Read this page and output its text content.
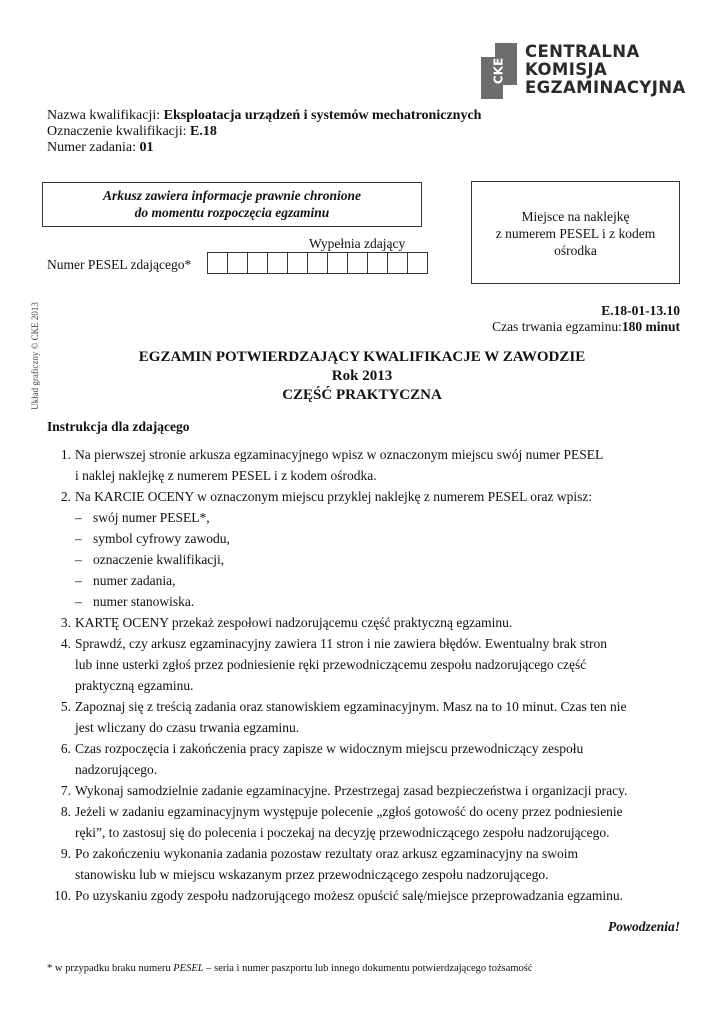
CKE
CENTRALNA
KOMISJA
EGZAMINACYJNA
Nazwa kwalifikacji: Eksploatacja urządzeń i systemów mechatronicznych
Oznaczenie kwalifikacji: E.18
Numer zadania: 01
Arkusz zawiera informacje prawnie chronione
do momentu rozpoczęcia egzaminu	Miejsce na naklejkę
z numerem PESEL i z kodem
ośrodka
Wypełnia zdający
Numer PESEL zdającego*
Układ graficzny © CKE 2013	E.18-01-13.10
Czas trwania egzaminu:180 minut
EGZAMIN POTWIERDZAJĄCY KWALIFIKACJE W ZAWODZIE
Rok 2013
CZĘŚĆ PRAKTYCZNA
Instrukcja dla zdającego
1. Na pierwszej stronie arkusza egzaminacyjnego wpisz w oznaczonym miejscu swój numer PESEL
i naklej naklejkę z numerem PESEL i z kodem ośrodka.
2. Na KARCIE OCENY w oznaczonym miejscu przyklej naklejkę z numerem PESEL oraz wpisz:
– swój numer PESEL*,
– symbol cyfrowy zawodu,
– oznaczenie kwalifikacji,
– numer zadania,
– numer stanowiska.
3. KARTĘ OCENY przekaż zespołowi nadzorującemu część praktyczną egzaminu.
4. Sprawdź, czy arkusz egzaminacyjny zawiera 11 stron i nie zawiera błędów. Ewentualny brak stron
lub inne usterki zgłoś przez podniesienie ręki przewodniczącemu zespołu nadzorującego część
praktyczną egzaminu.
5. Zapoznaj się z treścią zadania oraz stanowiskiem egzaminacyjnym. Masz na to 10 minut. Czas ten nie
jest wliczany do czasu trwania egzaminu.
6. Czas rozpoczęcia i zakończenia pracy zapisze w widocznym miejscu przewodniczący zespołu
nadzorującego.
7. Wykonaj samodzielnie zadanie egzaminacyjne. Przestrzegaj zasad bezpieczeństwa i organizacji pracy.
8. Jeżeli w zadaniu egzaminacyjnym występuje polecenie „zgłoś gotowość do oceny przez podniesienie
ręki”, to zastosuj się do polecenia i poczekaj na decyzję przewodniczącego zespołu nadzorującego.
9. Po zakończeniu wykonania zadania pozostaw rezultaty oraz arkusz egzaminacyjny na swoim
stanowisku lub w miejscu wskazanym przez przewodniczącego zespołu nadzorującego.
10. Po uzyskaniu zgody zespołu nadzorującego możesz opuścić salę/miejsce przeprowadzania egzaminu.
Powodzenia!
* w przypadku braku numeru PESEL – seria i numer paszportu lub innego dokumentu potwierdzającego tożsamość
